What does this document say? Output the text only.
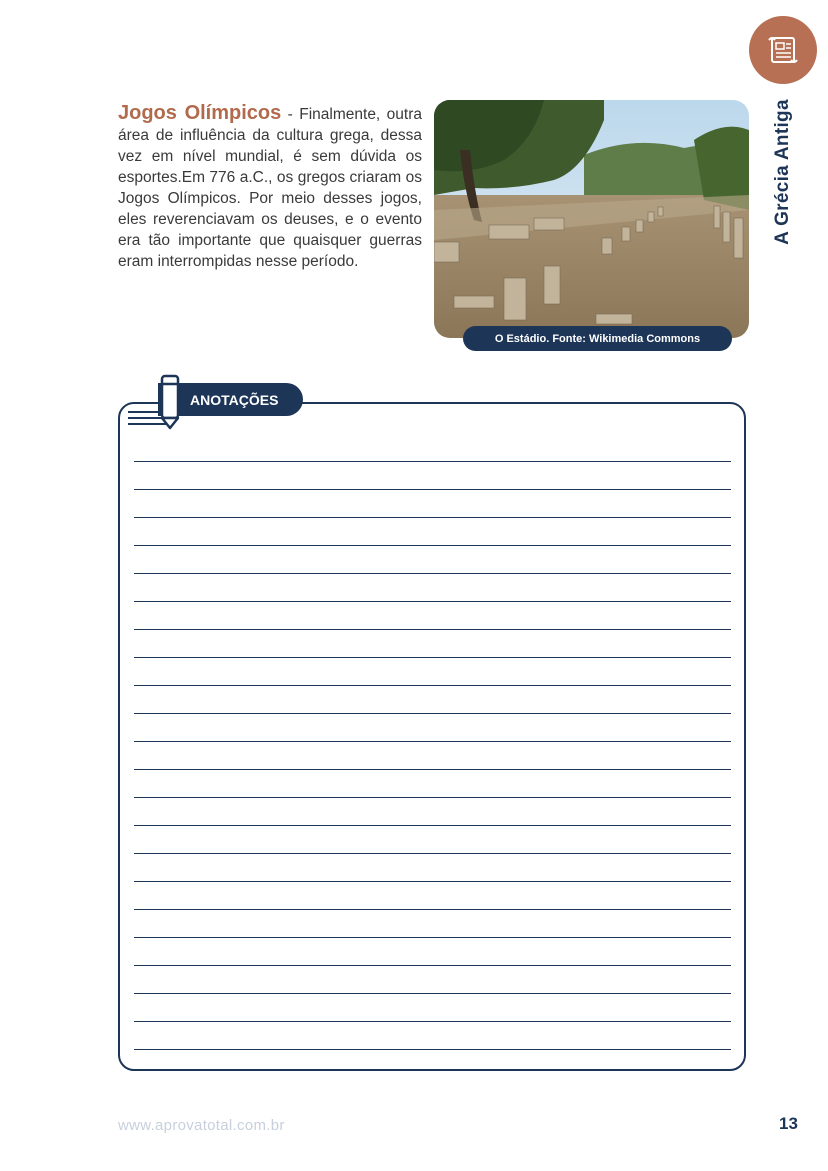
A Grécia Antiga
Jogos Olímpicos - Finalmente, outra área de influência da cultura grega, dessa vez em nível mundial, é sem dúvida os esportes.Em 776 a.C., os gregos criaram os Jogos Olímpicos. Por meio desses jogos, eles reverenciavam os deuses, e o evento era tão importante que quaisquer guerras eram interrompidas nesse período.
O Estádio. Fonte: Wikimedia Commons
ANOTAÇÕES
www.aprovatotal.com.br	13
